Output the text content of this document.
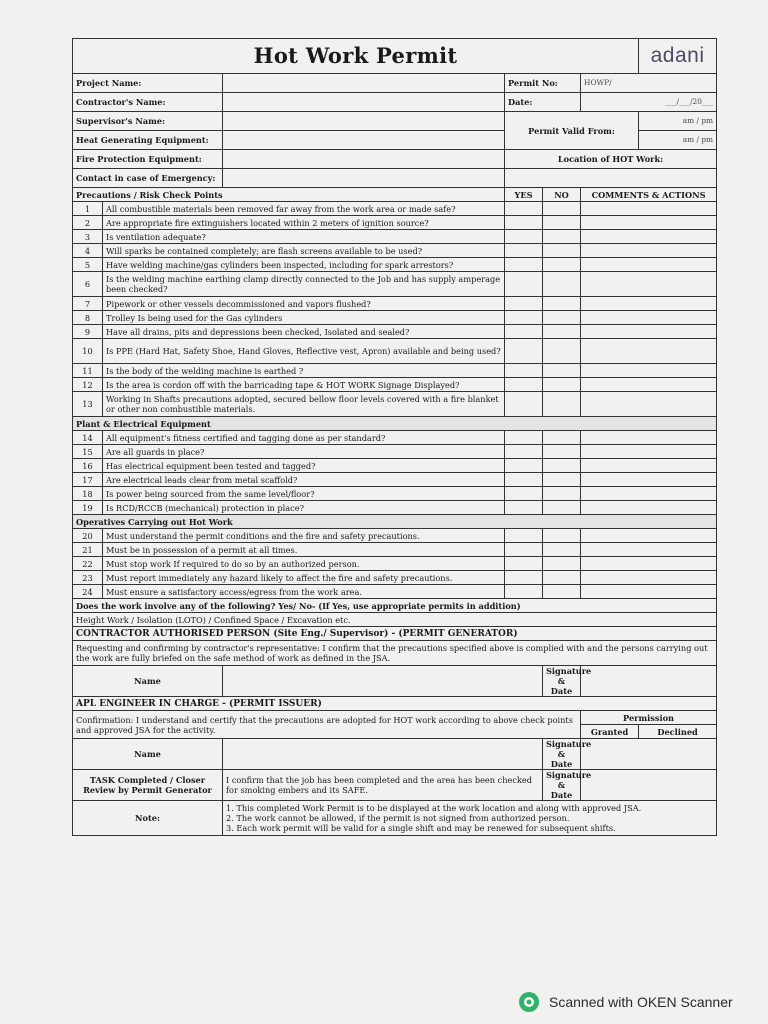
Hot Work Permit						adani
Project Name:			Permit No:		HOWP/	
Contractor's Name:			Date:		___/___/20___	
Supervisor's Name:			Permit Valid From:			am / pm
Heat Generating Equipment:						am / pm
Fire Protection Equipment:			Location of HOT Work:			
Contact in case of Emergency:						
Precautions / Risk Check Points			YES	NO	COMMENTS & ACTIONS	
1	All combustible materials been removed far away from the work area or made safe?					
2	Are appropriate fire extinguishers located within 2 meters of ignition source?					
3	Is ventilation adequate?					
4	Will sparks be contained completely; are flash screens available to be used?					
5	Have welding machine/gas cylinders been inspected, including for spark arrestors?					
6	Is the welding machine earthing clamp directly connected to the Job and has supply amperage been checked?					
7	Pipework or other vessels decommissioned and vapors flushed?					
8	Trolley Is being used for the Gas cylinders					
9	Have all drains, pits and depressions been checked, Isolated and sealed?					
10	Is PPE (Hard Hat, Safety Shoe, Hand Gloves, Reflective vest, Apron) available and being used?					
11	Is the body of the welding machine is earthed ?					
12	Is the area is cordon off with the barricading tape & HOT WORK Signage Displayed?					
13	Working in Shafts precautions adopted, secured bellow floor levels covered with a fire blanket or other non combustible materials.					
Plant & Electrical Equipment						
14	All equipment's fitness certified and tagging done as per standard?					
15	Are all guards in place?					
16	Has electrical equipment been tested and tagged?					
17	Are electrical leads clear from metal scaffold?					
18	Is power being sourced from the same level/floor?					
19	Is RCD/RCCB (mechanical) protection in place?					
Operatives Carrying out Hot Work						
20	Must understand the permit conditions and the fire and safety precautions.					
21	Must be in possession of a permit at all times.					
22	Must stop work If required to do so by an authorized person.					
23	Must report immediately any hazard likely to affect the fire and safety precautions.					
24	Must ensure a satisfactory access/egress from the work area.					
Does the work involve any of the following? Yes/ No- (If Yes, use appropriate permits in addition)						
Height Work / Isolation (LOTO) / Confined Space / Excavation etc.						
CONTRACTOR AUTHORISED PERSON (Site Eng./ Supervisor) - (PERMIT GENERATOR)						
Requesting and confirming by contractor's representative: I confirm that the precautions specified above is complied with and the persons carrying out the work are fully briefed on the safe method of work as defined in the JSA.						
Name				Signature & Date		
APL ENGINEER IN CHARGE - (PERMIT ISSUER)						
Confirmation: I understand and certify that the precautions are adopted for HOT work according to above check points and approved JSA for the activity.					Permission	
					Granted	Declined
Name				Signature & Date		
TASK Completed / Closer Review by Permit Generator		I confirm that the job has been completed and the area has been checked for smoking embers and its SAFE.		Signature & Date		
Note:		1. This completed Work Permit is to be displayed at the work location and along with approved JSA.
2. The work cannot be allowed, if the permit is not signed from authorized person.
3. Each work permit will be valid for a single shift and may be renewed for subsequent shifts.				
Scanned with OKEN Scanner
